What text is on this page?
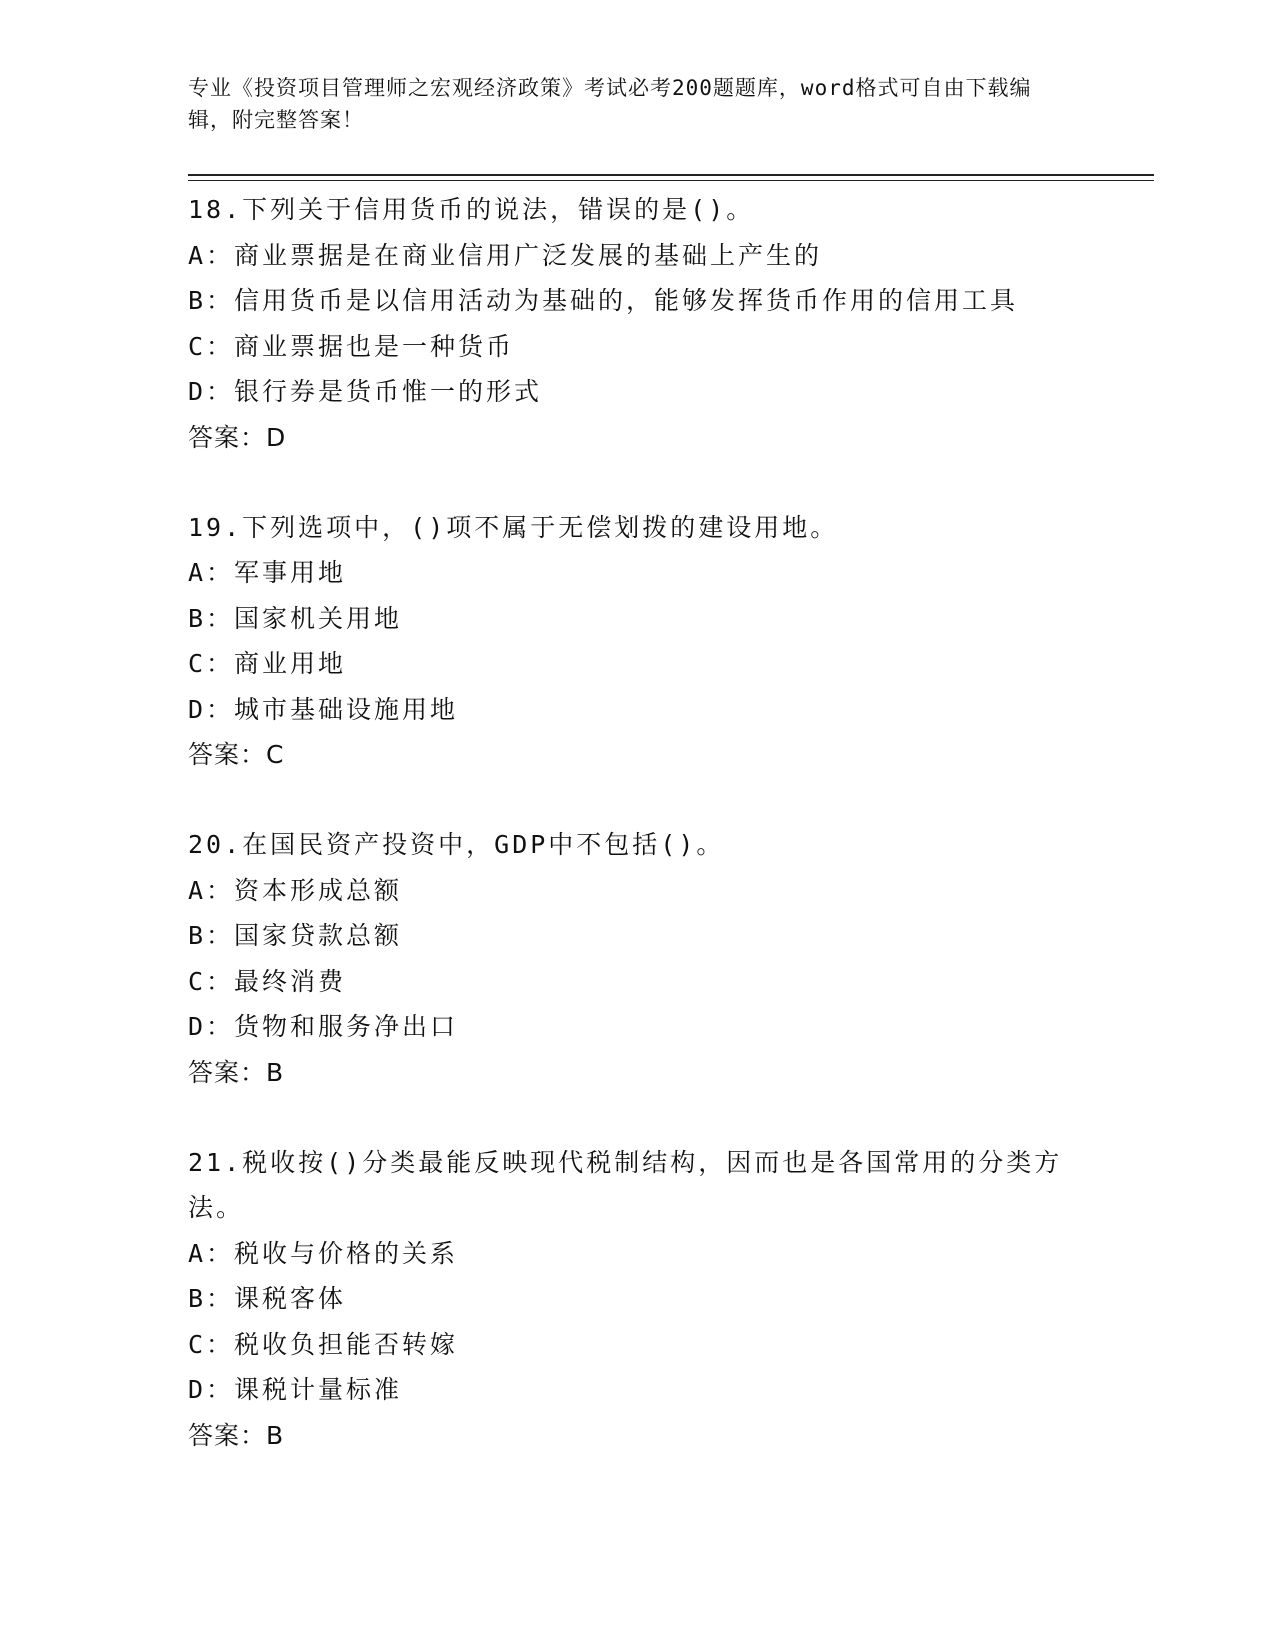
专业《投资项目管理师之宏观经济政策》考试必考200题题库，word格式可自由下载编辑，附完整答案！
18.下列关于信用货币的说法，错误的是()。
A：商业票据是在商业信用广泛发展的基础上产生的
B：信用货币是以信用活动为基础的，能够发挥货币作用的信用工具
C：商业票据也是一种货币
D：银行券是货币惟一的形式
答案：D
19.下列选项中，()项不属于无偿划拨的建设用地。
A：军事用地
B：国家机关用地
C：商业用地
D：城市基础设施用地
答案：C
20.在国民资产投资中，GDP中不包括()。
A：资本形成总额
B：国家贷款总额
C：最终消费
D：货物和服务净出口
答案：B
21.税收按()分类最能反映现代税制结构，因而也是各国常用的分类方法。
A：税收与价格的关系
B：课税客体
C：税收负担能否转嫁
D：课税计量标准
答案：B
